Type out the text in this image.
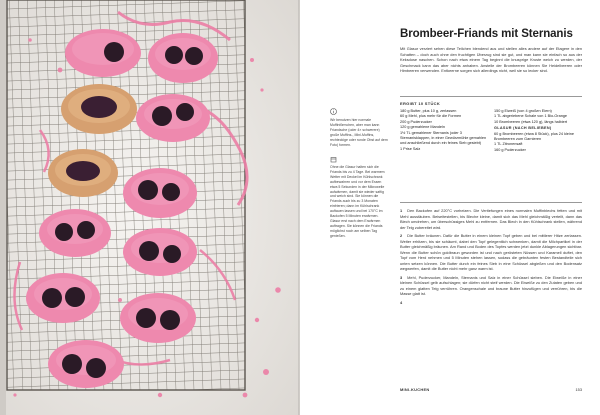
Brombeer-Friands mit Sternanis

Mit Glasur verziert sehen diese Teilchen blendend aus und stellen alles andere auf der Etagere in den Schatten – doch auch ohne den fruchtigen Überzug sind sie gut, und man kann sie einfach so aus der Keksdose naschen. Schon nach etwa einem Tag beginnt die knusprige Kruste weich zu werden, der Geschmack kann das aber nichts anhaben. Anstelle der Brombeeren können Sie Heidelbeeren oder Himbeeren verwenden. Entkeerne sorgen sich allerdings nicht, weil sie so lecker sind.

Wir benutzen hier normale Muffinförmchen, aber man kann Friandsche (oder 4× schwerere) große Muffins-, Mini-Muffins, rechteckige oder runde Obst auf dem Foto) formen.

Ohne die Glasur halten sich die Friands bis zu 4 Tage. Bei warmem Wetter mit Deckel im Kühlschrank aufbewahren und vor dem Essen etwa 5 Sekunden in der Mikrowelle aufwärmen, damit sie wieder saftig und weich sind. Sie können die Friands auch bis zu 3 Monaten einfrieren; dann im Kühlschrank auftauen lassen und bei 170°C im Backofen 5 Minuten erwärmen. Glasur erst nach dem Erwärmen auftragen. Sie können die Friands möglichst noch am selben Tag genießen.

ERGIBT 10 STÜCK

180 g Butter, plus 10 g, zerlassen
60 g Mehl, plus mehr für die Formen
200 g Puderzucker
120 g gemahlene Mandeln
1½ TL gemahlener Sternanis (oder 3 Sternanisklappen, in einer Gewürzmühle gemahlen und anschließend durch ein feines Sieb gesiebt)
1 Prise Salz
150 g Eiweiß (von 4 großen Eiern)
1 TL abgeriebene Schale von 1 Bio-Orange
10 Brombeeren (etwa 120 g), längs halbiert
GLASUR (NACH BELIEBEN)
60 g Brombeeren (etwa 8 Stück), plus 24 kleine Brombeeren zum Garnieren
1 TL Zitronensaft
160 g Puderzucker
1 Den Backofen auf 220°C vorheizen. Die Vertiefungen eines normalen Muffinblechs fetten und mit Mehl ausstäuben. Beiseitestellen, bis Bleche kleine, damit sich das Mehl gleichmäßig verteilt, dann das Blech umdrehen, um überschüssiges Mehl zu entfernen. Das Blech in den Kühlschrank stellen, während der Teig zubereitet wird.
2 Die Butter bräunen. Dafür die Butter in einem kleinen Topf geben und bei mittlerer Hitze zerlassen. Weiter erhitzen, bis sie schäumt, dabei den Topf gelegentlich schwenken, damit die Milchpartikel in der Butter gleichmäßig bräunen. Am Rand und Boden des Topfes werden jetzt dunkle Ablagerungen sichtbar. Wenn die Butter schön goldbraun geworden ist und nach gerösteten Nüssen und Karamell duftet, den Topf vom Herd nehmen und 5 Minuten stehen lassen, sodass die gebräunten festen Bestandteile sich unten setzen können. Die Butter durch ein feines Sieb in eine Schüssel abgießen und den Bodensatz wegwerfen, damit die Butter nicht mehr ganz warm ist.
3 Mehl, Puderzucker, Mandeln, Sternanis und Salz in einer Schüssel sieben. Die Eiweiße in einer kleinen Schüssel gelb aufschlagen; sie dürfen nicht steif werden. Die Eiweiße zu den Zutaten geben und zu einem glatten Teig verrühren. Orangenschale und braune Butter hinzufügen und verrühren, bis die Masse glatt ist.
4

MINI-KUCHEN	153
